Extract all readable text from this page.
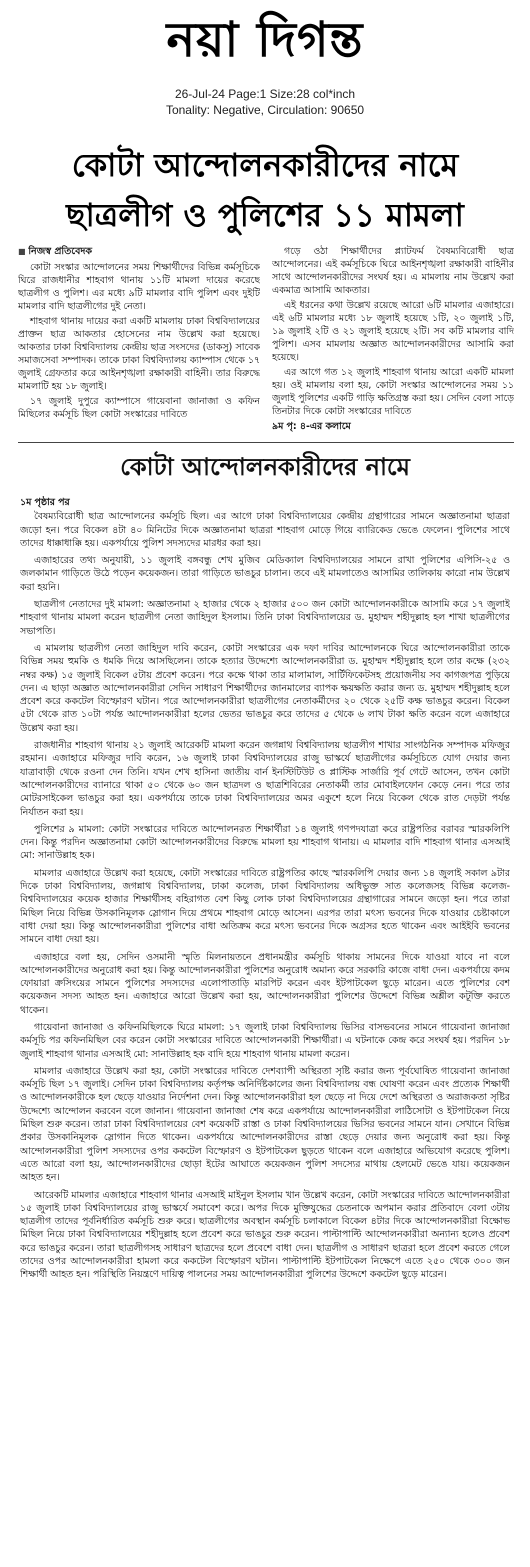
নয়া দিগন্ত
26-Jul-24 Page:1 Size:28 col*inch
Tonality: Negative, Circulation: 90650
কোটা আন্দোলনকারীদের নামে
ছাত্রলীগ ও পুলিশের ১১ মামলা
■ নিজস্ব প্রতিবেদক

কোটা সংস্কার আন্দোলনের সময় শিক্ষার্থীদের বিভিন্ন কর্মসূচিকে ঘিরে রাজধানীর শাহবাগ থানায় ১১টি মামলা দায়ের করেছে ছাত্রলীগ ও পুলিশ। এর মধ্যে ৯টি মামলার বাদি পুলিশ এবং দুইটি মামলার বাদি ছাত্রলীগের দুই নেতা।

শাহবাগ থানায় দায়ের করা একটি মামলায় ঢাকা বিশ্ববিদ্যালয়ের প্রাক্তন ছাত্র আকতার হোসেনের নাম উল্লেখ করা হয়েছে। আকতার ঢাকা বিশ্ববিদ্যালয় কেন্দ্রীয় ছাত্র সংসদের (ডাকসু) সাবেক সমাজসেবা সম্পাদক। তাকে ঢাকা বিশ্ববিদ্যালয় ক্যাম্পাস থেকে ১৭ জুলাই গ্রেফতার করে আইনশৃঙ্খলা রক্ষাকারী বাহিনী। তার বিরুদ্ধে মামলাটি হয় ১৮ জুলাই।

১৭ জুলাই দুপুরে ক্যাম্পাসে গায়েবানা জানাজা ও কফিন মিছিলের কর্মসূচি ছিল কোটা সংস্কারের দাবিতে

গড়ে ওঠা শিক্ষার্থীদের প্ল্যাটফর্ম বৈষম্যবিরোধী ছাত্র আন্দোলনের। এই কর্মসূচিকে ঘিরে আইনশৃঙ্খলা রক্ষাকারী বাহিনীর সাথে আন্দোলনকারীদের সংঘর্ষ হয়। এ মামলায় নাম উল্লেখ করা একমাত্র আসামি আকতার।

এই ধরনের কথা উল্লেখ রয়েছে আরো ৬টি মামলার এজাহারে। এই ৬টি মামলার মধ্যে ১৮ জুলাই হয়েছে ১টি, ২০ জুলাই ১টি, ১৯ জুলাই ২টি ও ২১ জুলাই হয়েছে ২টি। সব কটি মামলার বাদি পুলিশ। এসব মামলায় অজ্ঞাত আন্দোলনকারীদের আসামি করা হয়েছে।

এর আগে গত ১২ জুলাই শাহবাগ থানায় আরো একটি মামলা হয়। ওই মামলায় বলা হয়, কোটা সংস্কার আন্দোলনের সময় ১১ জুলাই পুলিশের একটি গাড়ি ক্ষতিগ্রস্ত করা হয়। সেদিন বেলা সাড়ে তিনটার দিকে কোটা সংস্কারের দাবিতে

৯ম পৃ: ৪-এর কলামে
কোটা আন্দোলনকারীদের নামে
১ম পৃষ্ঠার পর

বৈষম্যবিরোধী ছাত্র আন্দোলনের কর্মসূচি ছিল। এর আগে ঢাকা বিশ্ববিদ্যালয়ের কেন্দ্রীয় গ্রন্থাগারের সামনে অজ্ঞাতনামা ছাত্ররা জড়ো হন। পরে বিকেল ৪টা ৪০ মিনিটের দিকে অজ্ঞাতনামা ছাত্ররা শাহবাগ মোড়ে গিয়ে ব্যারিকেড ভেঙে ফেলেন। পুলিশের সাথে তাদের ধাক্কাধাক্কি হয়। একপর্যায়ে পুলিশ সদস্যদের মারধর করা হয়।

এজাহারের তথ্য অনুযায়ী, ১১ জুলাই বঙ্গবন্ধু শেখ মুজিব মেডিক্যাল বিশ্ববিদ্যালয়ের সামনে রাখা পুলিশের এপিসি-২৫ ও জলকামান গাড়িতে উঠে পড়েন কয়েকজন। তারা গাড়িতে ভাঙচুর চালান। তবে এই মামলাতেও আসামির তালিকায় কারো নাম উল্লেখ করা হয়নি।

ছাত্রলীগ নেতাদের দুই মামলা: অজ্ঞাতনামা ২ হাজার থেকে ২ হাজার ৫০০ জন কোটা আন্দোলনকারীকে আসামি করে ১৭ জুলাই শাহবাগ থানায় মামলা করেন ছাত্রলীগ নেতা জাহিদুল ইসলাম। তিনি ঢাকা বিশ্ববিদ্যালয়ের ড. মুহাম্মদ শহীদুল্লাহ হল শাখা ছাত্রলীগের সভাপতি।

এ মামলায় ছাত্রলীগ নেতা জাহিদুল দাবি করেন, কোটা সংস্কারের এক দফা দাবির আন্দোলনকে ঘিরে আন্দোলনকারীরা তাকে বিভিন্ন সময় হুমকি ও ধমকি দিয়ে আসছিলেন। তাকে হত্যার উদ্দেশ্যে আন্দোলনকারীরা ড. মুহাম্মদ শহীদুল্লাহ হলে তার কক্ষে (২৩২ নম্বর কক্ষ) ১৫ জুলাই বিকেল ৫টায় প্রবেশ করেন। পরে কক্ষে থাকা তার মালামাল, সার্টিফিকেটসহ প্রয়োজনীয় সব কাগজপত্র পুড়িয়ে দেন। এ ছাড়া অজ্ঞাত আন্দোলনকারীরা সেদিন সাধারণ শিক্ষার্থীদের জানমালের ব্যাপক ক্ষয়ক্ষতি করার জন্য ড. মুহাম্মদ শহীদুল্লাহ হলে প্রবেশ করে ককটেল বিস্ফোরণ ঘটান। পরে আন্দোলনকারীরা ছাত্রলীগের নেতাকর্মীদের ২০ থেকে ২৫টি কক্ষ ভাঙচুর করেন। বিকেল ৫টা থেকে রাত ১০টা পর্যন্ত আন্দোলনকারীরা হলের ভেতর ভাঙচুর করে তাদের ৫ থেকে ৬ লাখ টাকা ক্ষতি করেন বলে এজাহারে উল্লেখ করা হয়।

রাজধানীর শাহবাগ থানায় ২১ জুলাই আরেকটি মামলা করেন জগন্নাথ বিশ্ববিদ্যালয় ছাত্রলীগ শাখার সাংগঠনিক সম্পাদক মফিজুর রহমান। এজাহারে মফিজুর দাবি করেন, ১৬ জুলাই ঢাকা বিশ্ববিদ্যালয়ের রাজু ভাস্কর্যে ছাত্রলীগের কর্মসূচিতে যোগ দেয়ার জন্য যাত্রাবাড়ী থেকে রওনা দেন তিনি। যখন শেখ হাসিনা জাতীয় বার্ন ইনস্টিটিউট ও প্লাস্টিক সার্জারি পূর্ব গেটে আসেন, তখন কোটা আন্দোলনকারীদের ব্যানারে থাকা ৫০ থেকে ৬০ জন ছাত্রদল ও ছাত্রশিবিরের নেতাকর্মী তার মোবাইলফোন কেড়ে নেন। পরে তার মোটরসাইকেল ভাঙচুর করা হয়। একপর্যায়ে তাকে ঢাকা বিশ্ববিদ্যালয়ের অমর একুশে হলে নিয়ে বিকেল থেকে রাত দেড়টা পর্যন্ত নির্যাতন করা হয়।

পুলিশের ৯ মামলা: কোটা সংস্কারের দাবিতে আন্দোলনরত শিক্ষার্থীরা ১৪ জুলাই গণপদযাত্রা করে রাষ্ট্রপতির বরাবর স্মারকলিপি দেন। কিন্তু পরদিন অজ্ঞাতনামা কোটা আন্দোলনকারীদের বিরুদ্ধে মামলা হয় শাহবাগ থানায়। এ মামলার বাদি শাহবাগ থানার এসআই মো: সানাউল্লাহ হক।

মামলার এজাহারে উল্লেখ করা হয়েছে, কোটা সংস্কারের দাবিতে রাষ্ট্রপতির কাছে স্মারকলিপি দেয়ার জন্য ১৪ জুলাই সকাল ৯টার দিকে ঢাকা বিশ্ববিদ্যালয়, জগন্নাথ বিশ্ববিদ্যালয়, ঢাকা কলেজ, ঢাকা বিশ্ববিদ্যালয় অধিভুক্ত সাত কলেজসহ বিভিন্ন কলেজ-বিশ্ববিদ্যালয়ের কয়েক হাজার শিক্ষার্থীসহ বহিরাগত বেশ কিছু লোক ঢাকা বিশ্ববিদ্যালয়ের গ্রন্থাগারের সামনে জড়ো হন। পরে তারা মিছিল নিয়ে বিভিন্ন উসকানিমূলক স্লোগান দিয়ে প্রথমে শাহবাগ মোড়ে আসেন। এরপর তারা মৎস্য ভবনের দিকে যাওয়ার চেষ্টাকালে বাধা দেয়া হয়। কিন্তু আন্দোলনকারীরা পুলিশের বাধা অতিক্রম করে মৎস্য ভবনের দিকে অগ্রসর হতে থাকেন এবং আইইবি ভবনের সামনে বাধা দেয়া হয়।

এজাহারে বলা হয়, সেদিন ওসমানী স্মৃতি মিলনায়তনে প্রধানমন্ত্রীর কর্মসূচি থাকায় সামনের দিকে যাওয়া যাবে না বলে আন্দোলনকারীদের অনুরোধ করা হয়। কিন্তু আন্দোলনকারীরা পুলিশের অনুরোধ অমান্য করে সরকারি কাজে বাধা দেন। একপর্যায়ে কদম ফোয়ারা ক্রসিংয়ের সামনে পুলিশের সদস্যদের এলোপাতাড়ি মারপিট করেন এবং ইটপাটকেল ছুড়ে মারেন। এতে পুলিশের বেশ কয়েকজন সদস্য আহত হন। এজাহারে আরো উল্লেখ করা হয়, আন্দোলনকারীরা পুলিশের উদ্দেশে বিভিন্ন অশ্লীল কটূক্তি করতে থাকেন।

গায়েবানা জানাজা ও কফিনমিছিলকে ঘিরে মামলা: ১৭ জুলাই ঢাকা বিশ্ববিদ্যালয় ভিসির বাসভবনের সামনে গায়েবানা জানাজা কর্মসূচি পর কফিনমিছিল বের করেন কোটা সংস্কারের দাবিতে আন্দোলনকারী শিক্ষার্থীরা। এ ঘটনাকে কেন্দ্র করে সংঘর্ষ হয়। পরদিন ১৮ জুলাই শাহবাগ থানার এসআই মো: সানাউল্লাহ হক বাদি হয়ে শাহবাগ থানায় মামলা করেন।

মামলার এজাহারে উল্লেখ করা হয়, কোটা সংস্কারের দাবিতে দেশব্যাপী অস্থিরতা সৃষ্টি করার জন্য পূর্বঘোষিত গায়েবানা জানাজা কর্মসূচি ছিল ১৭ জুলাই। সেদিন ঢাকা বিশ্ববিদ্যালয় কর্তৃপক্ষ অনির্দিষ্টকালের জন্য বিশ্ববিদ্যালয় বন্ধ ঘোষণা করেন এবং প্রত্যেক শিক্ষার্থী ও আন্দোলনকারীকে হল ছেড়ে যাওয়ার নির্দেশনা দেন। কিন্তু আন্দোলনকারীরা হল ছেড়ে না দিয়ে দেশে অস্থিরতা ও অরাজকতা সৃষ্টির উদ্দেশ্যে আন্দোলন করবেন বলে জানান। গায়েবানা জানাজা শেষ করে একপর্যায়ে আন্দোলনকারীরা লাঠিসোটা ও ইটপাটকেল নিয়ে মিছিল শুরু করেন। তারা ঢাকা বিশ্ববিদ্যালয়ের বেশ কয়েকটি রাস্তা ও ঢাকা বিশ্ববিদ্যালয়ের ভিসির ভবনের সামনে যান। সেখানে বিভিন্ন প্রকার উসকানিমূলক স্লোগান দিতে থাকেন। একপর্যায়ে আন্দোলনকারীদের রাস্তা ছেড়ে দেয়ার জন্য অনুরোধ করা হয়। কিন্তু আন্দোলনকারীরা পুলিশ সদস্যদের ওপর ককটেল বিস্ফোরণ ও ইটপাটকেল ছুড়তে থাকেন বলে এজাহারে অভিযোগ করেছে পুলিশ। এতে আরো বলা হয়, আন্দোলনকারীদের ছোড়া ইটের আঘাতে কয়েকজন পুলিশ সদস্যের মাথায় হেলমেট ভেঙে যায়। কয়েকজন আহত হন।

আরেকটি মামলার এজাহারে শাহবাগ থানার এসআই মাইনুল ইসলাম খান উল্লেখ করেন, কোটা সংস্কারের দাবিতে আন্দোলনকারীরা ১৫ জুলাই ঢাকা বিশ্ববিদ্যালয়ের রাজু ভাস্কর্যে সমাবেশ করে। অপর দিকে মুক্তিযুদ্ধের চেতনাকে অপমান করার প্রতিবাদে বেলা ৩টায় ছাত্রলীগ তাদের পূর্বনির্ধারিত কর্মসূচি শুরু করে। ছাত্রলীগের অবস্থান কর্মসূচি চলাকালে বিকেল ৪টার দিকে আন্দোলনকারীরা বিক্ষোভ মিছিল নিয়ে ঢাকা বিশ্ববিদ্যালয়ের শহীদুল্লাহ হলে প্রবেশ করে ভাঙচুর শুরু করেন। পাল্টাপাল্টি আন্দোলনকারীরা অন্যান্য হলেও প্রবেশ করে ভাঙচুর করেন। তারা ছাত্রলীগসহ সাধারণ ছাত্রদের হলে প্রবেশে বাধা দেন। ছাত্রলীগ ও সাধারণ ছাত্ররা হলে প্রবেশ করতে গেলে তাদের ওপর আন্দোলনকারীরা হামলা করে ককটেল বিস্ফোরণ ঘটান। পাল্টাপাল্টি ইটপাটকেল নিক্ষেপে এতে ২৫০ থেকে ৩০০ জন শিক্ষার্থী আহত হন। পরিস্থিতি নিয়ন্ত্রণে দায়িত্ব পালনের সময় আন্দোলনকারীরা পুলিশের উদ্দেশে ককটেল ছুড়ে মারেন।
